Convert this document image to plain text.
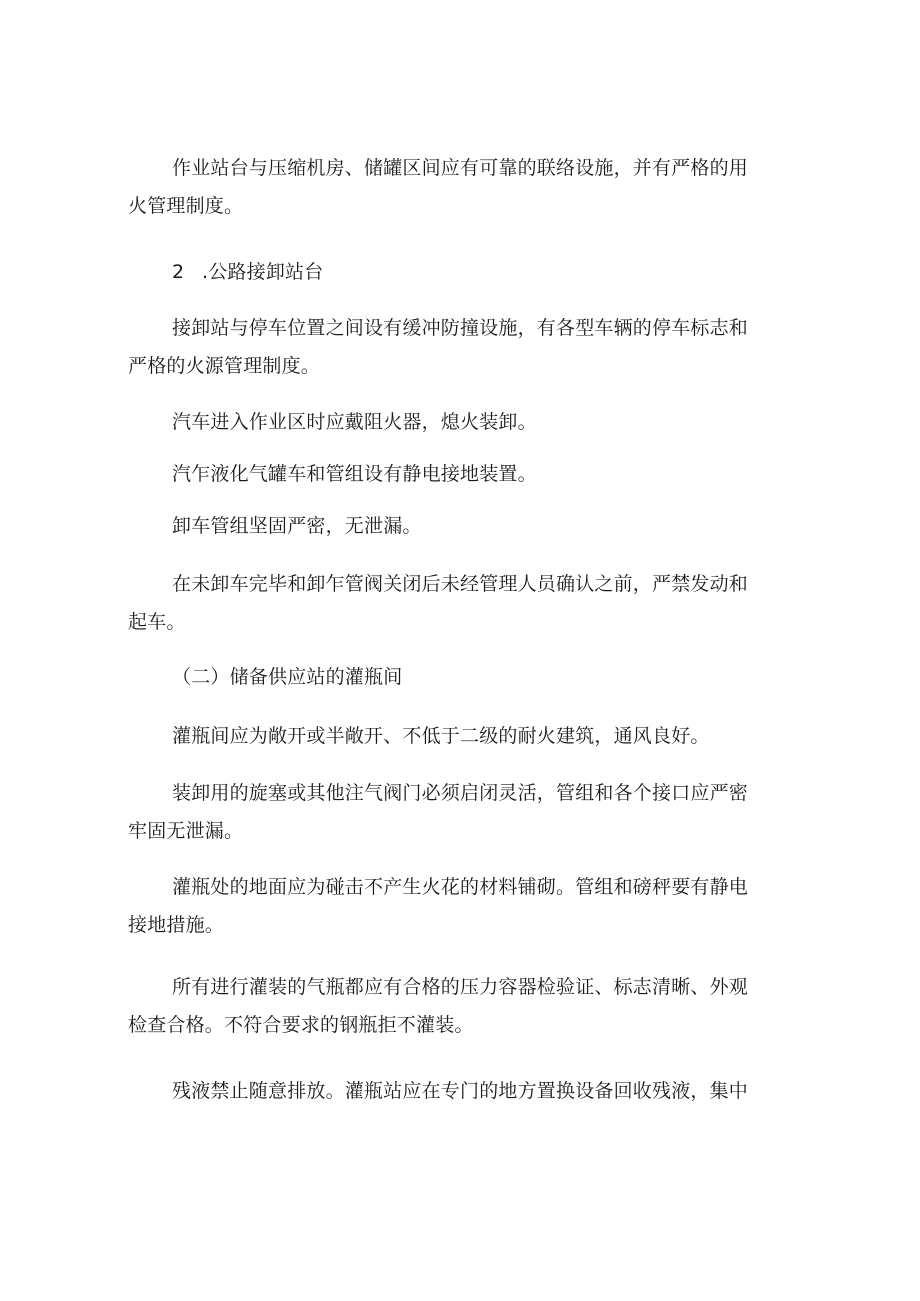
作业站台与压缩机房、储罐区间应有可靠的联络设施，并有严格的用
火管理制度。

2 .公路接卸站台

接卸站与停车位置之间设有缓冲防撞设施，有各型车辆的停车标志和
严格的火源管理制度。

汽车进入作业区时应戴阻火器，熄火装卸。

汽乍液化气罐车和管组设有静电接地装置。

卸车管组坚固严密，无泄漏。

在未卸车完毕和卸乍管阀关闭后未经管理人员确认之前，严禁发动和
起车。

（二）储备供应站的灌瓶间

灌瓶间应为敞开或半敞开、不低于二级的耐火建筑，通风良好。

装卸用的旋塞或其他注气阀门必须启闭灵活，管组和各个接口应严密
牢固无泄漏。

灌瓶处的地面应为碰击不产生火花的材料铺砌。管组和磅秤要有静电
接地措施。

所有进行灌装的气瓶都应有合格的压力容器检验证、标志清晰、外观
检查合格。不符合要求的钢瓶拒不灌装。

残液禁止随意排放。灌瓶站应在专门的地方置换设备回收残液，集中
